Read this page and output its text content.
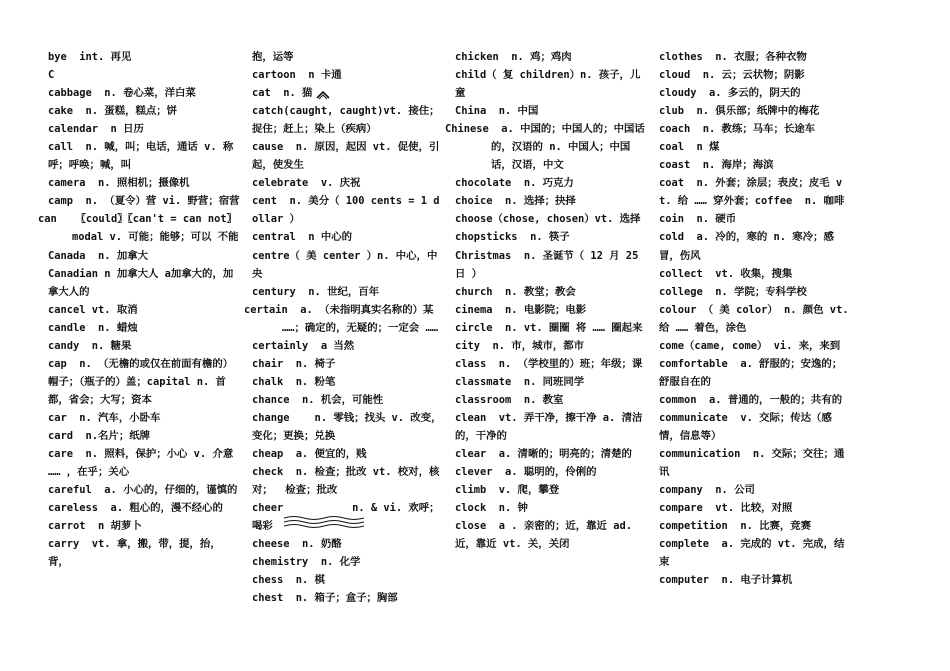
bye  int. 再见
C
cabbage  n. 卷心菜，洋白菜
cake  n. 蛋糕，糕点；饼
calendar  n 日历
call  n. 喊，叫；电话，通话 v. 称呼；呼唤；喊，叫
camera  n. 照相机；摄像机
camp  n. （夏令）营 vi. 野营；宿营
can   〖could〗〖can't = can not〗 modal v. 可能；能够；可以 不能
Canada  n. 加拿大
Canadian n 加拿大人 a加拿大的，加拿大人的
cancel vt. 取消
candle  n. 蜡烛
candy  n. 糖果
cap  n. （无檐的或仅在前面有檐的）帽子；（瓶子的）盖；capital n. 首都，省会；大写；资本
car  n. 汽车，小卧车
card  n.名片；纸牌
care  n. 照料，保护；小心 v. 介意 …… ，在乎；关心
careful  a. 小心的，仔细的，谨慎的
careless  a. 粗心的，漫不经心的
carrot  n 胡萝卜
carry  vt. 拿，搬，带，提，抬，背，
抱，运等
cartoon  n 卡通
cat  n. 猫
catch(caught, caught)vt. 接住；捉住；赶上；染上（疾病）
cause  n. 原因，起因 vt. 促使，引起，使发生
celebrate  v. 庆祝
cent  n. 美分（ 100 cents = 1 dollar ）
central  n 中心的
centre（ 美 center ）n. 中心，中央
century  n. 世纪，百年
certain  a. （未指明真实名称的）某 ……；确定的，无疑的；一定会 ……
certainly  a 当然
chair  n. 椅子
chalk  n. 粉笔
chance  n. 机会，可能性
change    n. 零钱；找头 v. 改变，变化；更换；兑换
cheap  a. 便宜的，贱
check  n. 检查；批改 vt. 校对，核对；  检查；批改
cheer           n. & vi. 欢呼；  喝彩
cheese  n. 奶酪
chemistry  n. 化学
chess  n. 棋
chest  n. 箱子；盒子；胸部
chicken  n. 鸡；鸡肉
child（ 复 children）n. 孩子，儿童
China  n. 中国
Chinese  a. 中国的；中国人的；中国话的，汉语的 n. 中国人；中国话，汉语，中文
chocolate  n. 巧克力
choice  n. 选择；抉择
choose（chose, chosen）vt. 选择
chopsticks  n. 筷子
Christmas  n. 圣诞节（ 12 月 25 日 ）
church  n. 教堂；教会
cinema  n. 电影院；电影
circle  n. vt. 圈圈 将 …… 圈起来
city  n. 市，城市，都市
class  n. （学校里的）班；年级；课
classmate  n. 同班同学
classroom  n. 教室
clean  vt. 弄干净，擦干净 a. 清洁的，干净的
clear  a. 清晰的；明亮的；清楚的
clever  a. 聪明的，伶俐的
climb  v. 爬，攀登
clock  n. 钟
close  a . 亲密的；近，靠近 ad. 近，靠近 vt. 关，关闭
clothes  n. 衣服；各种衣物
cloud  n. 云；云状物；阴影
cloudy  a. 多云的，阴天的
club  n. 俱乐部；纸牌中的梅花
coach  n. 教练；马车；长途车
coal  n 煤
coast  n. 海岸；海滨
coat  n. 外套；涂层；表皮；皮毛 vt. 给 …… 穿外套；coffee  n. 咖啡
coin  n. 硬币
cold  a. 冷的，寒的 n. 寒冷；感冒，伤风
collect  vt. 收集，搜集
college  n. 学院；专科学校
colour （ 美 color） n. 颜色 vt. 给 …… 着色，涂色
come（came, come） vi. 来，来到
comfortable  a. 舒服的；安逸的；舒服自在的
common  a. 普通的，一般的；共有的
communicate  v. 交际；传达（感情，信息等）
communication  n. 交际；交往；通讯
company  n. 公司
compare  vt. 比较，对照
competition  n. 比赛，竞赛
complete  a. 完成的 vt. 完成，结束
computer  n. 电子计算机
